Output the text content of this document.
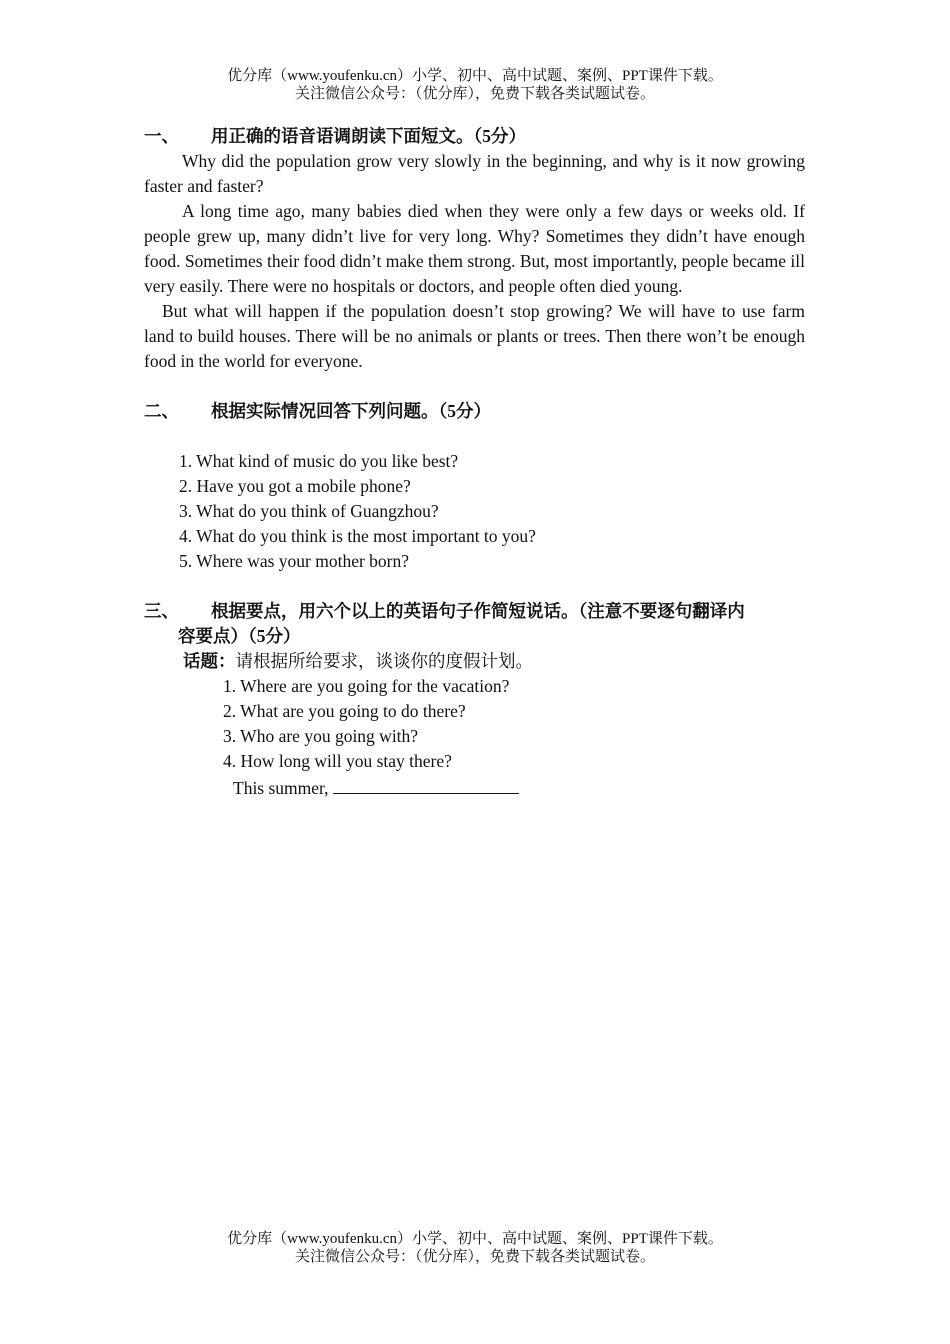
优分库（www.youfenku.cn）小学、初中、高中试题、案例、PPT课件下载。
关注微信公众号：（优分库），免费下载各类试题试卷。
一、	用正确的语音语调朗读下面短文。（5分）
Why did the population grow very slowly in the beginning, and why is it now growing faster and faster?
A long time ago, many babies died when they were only a few days or weeks old. If people grew up, many didn’t live for very long. Why? Sometimes they didn’t have enough food. Sometimes their food didn’t make them strong. But, most importantly, people became ill very easily. There were no hospitals or doctors, and people often died young.
But what will happen if the population doesn’t stop growing? We will have to use farm land to build houses. There will be no animals or plants or trees. Then there won’t be enough food in the world for everyone.
二、	根据实际情况回答下列问题。（5分）
1. What kind of music do you like best?
2. Have you got a mobile phone?
3. What do you think of Guangzhou?
4. What do you think is the most important to you?
5. Where was your mother born?
三、	根据要点，用六个以上的英语句子作简短说话。（注意不要逐句翻译内
容要点）（5分）
话题：请根据所给要求，谈谈你的度假计划。
1. Where are you going for the vacation?
2. What are you going to do there?
3. Who are you going with?
4. How long will you stay there?
This summer,
优分库（www.youfenku.cn）小学、初中、高中试题、案例、PPT课件下载。
关注微信公众号：（优分库），免费下载各类试题试卷。
